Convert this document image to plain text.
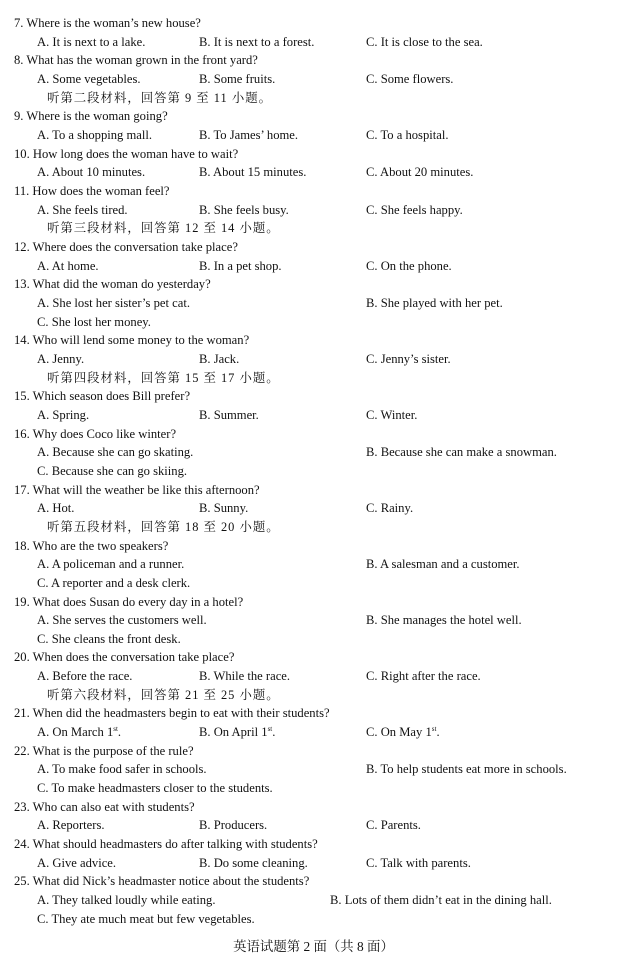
7. Where is the woman’s new house?
A. It is next to a lake.	B. It is next to a forest.	C. It is close to the sea.
8. What has the woman grown in the front yard?
A. Some vegetables.	B. Some fruits.	C. Some flowers.
听第二段材料，回答第 9 至 11 小题。
9. Where is the woman going?
A. To a shopping mall.	B. To James’ home.	C. To a hospital.
10. How long does the woman have to wait?
A. About 10 minutes.	B. About 15 minutes.	C. About 20 minutes.
11. How does the woman feel?
A. She feels tired.	B. She feels busy.	C. She feels happy.
听第三段材料，回答第 12 至 14 小题。
12. Where does the conversation take place?
A. At home.	B. In a pet shop.	C. On the phone.
13. What did the woman do yesterday?
A. She lost her sister’s pet cat.	B. She played with her pet.
C. She lost her money.
14. Who will lend some money to the woman?
A. Jenny.	B. Jack.	C. Jenny’s sister.
听第四段材料，回答第 15 至 17 小题。
15. Which season does Bill prefer?
A. Spring.	B. Summer.	C. Winter.
16. Why does Coco like winter?
A. Because she can go skating.	B. Because she can make a snowman.
C. Because she can go skiing.
17. What will the weather be like this afternoon?
A. Hot.	B. Sunny.	C. Rainy.
听第五段材料，回答第 18 至 20 小题。
18. Who are the two speakers?
A. A policeman and a runner.	B. A salesman and a customer.
C. A reporter and a desk clerk.
19. What does Susan do every day in a hotel?
A. She serves the customers well.	B. She manages the hotel well.
C. She cleans the front desk.
20. When does the conversation take place?
A. Before the race.	B. While the race.	C. Right after the race.
听第六段材料，回答第 21 至 25 小题。
21. When did the headmasters begin to eat with their students?
A. On March 1st.	B. On April 1st.	C. On May 1st.
22. What is the purpose of the rule?
A. To make food safer in schools.	B. To help students eat more in schools.
C. To make headmasters closer to the students.
23. Who can also eat with students?
A. Reporters.	B. Producers.	C. Parents.
24. What should headmasters do after talking with students?
A. Give advice.	B. Do some cleaning.	C. Talk with parents.
25. What did Nick’s headmaster notice about the students?
A. They talked loudly while eating.	B. Lots of them didn’t eat in the dining hall.
C. They ate much meat but few vegetables.
英语试题第 2 面（共 8 面）
